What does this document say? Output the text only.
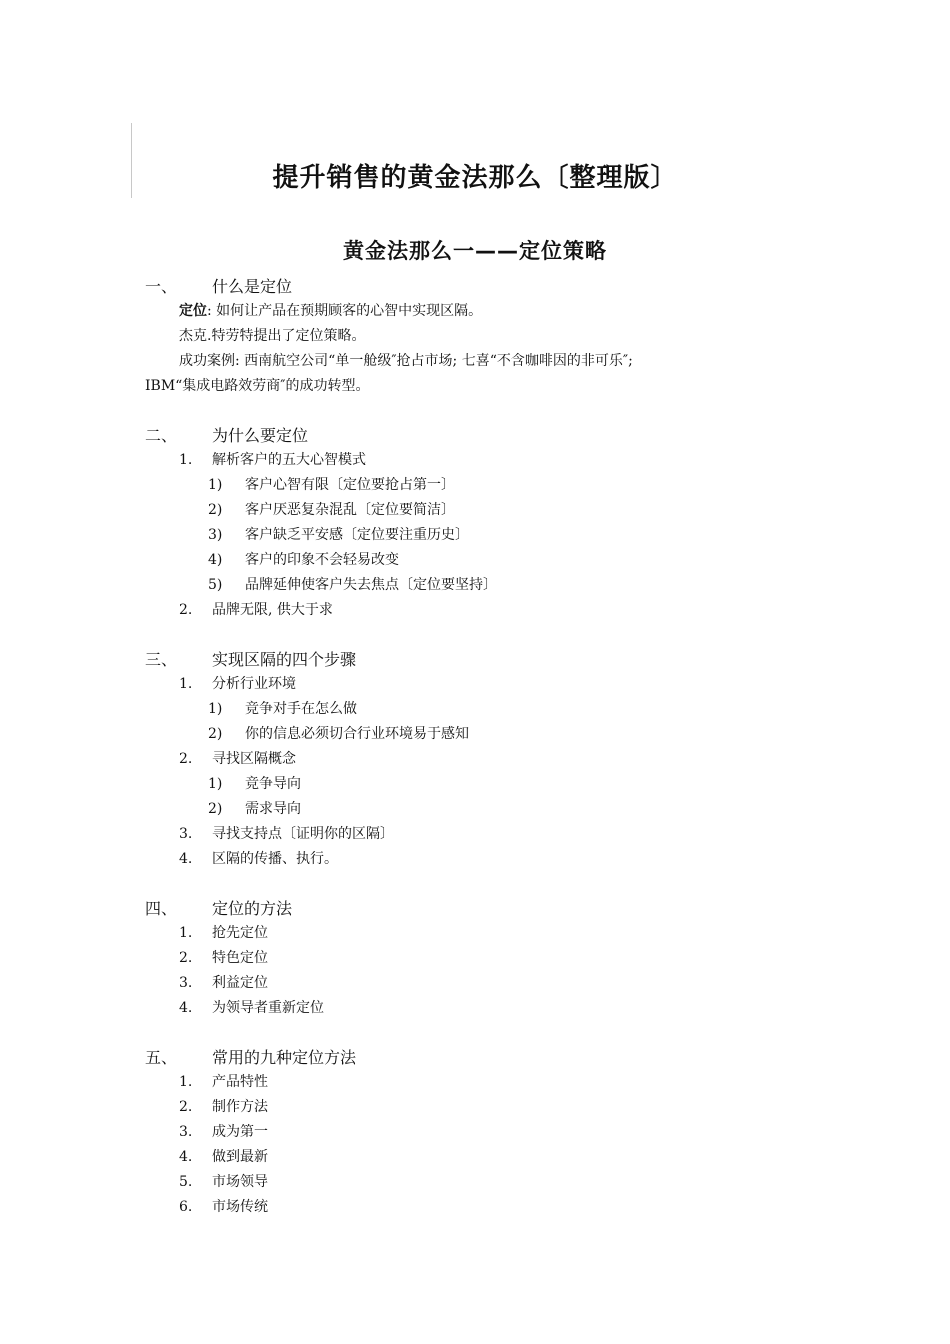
提升销售的黄金法那么〔整理版〕
黄金法那么一——定位策略
一、	什么是定位
定位: 如何让产品在预期顾客的心智中实现区隔。
杰克.特劳特提出了定位策略。
成功案例: 西南航空公司“单一舱级″抢占市场; 七喜“不含咖啡因的非可乐″;
IBM“集成电路效劳商″的成功转型。
二、	为什么要定位
1.	解析客户的五大心智模式
1)	客户心智有限〔定位要抢占第一〕
2)	客户厌恶复杂混乱〔定位要简洁〕
3)	客户缺乏平安感〔定位要注重历史〕
4)	客户的印象不会轻易改变
5)	品牌延伸使客户失去焦点〔定位要坚持〕
2.	品牌无限, 供大于求
三、	实现区隔的四个步骤
1.	分析行业环境
1)	竞争对手在怎么做
2)	你的信息必须切合行业环境易于感知
2.	寻找区隔概念
1)	竞争导向
2)	需求导向
3.	寻找支持点〔证明你的区隔〕
4.	区隔的传播、执行。
四、	定位的方法
1.	抢先定位
2.	特色定位
3.	利益定位
4.	为领导者重新定位
五、	常用的九种定位方法
1.	产品特性
2.	制作方法
3.	成为第一
4.	做到最新
5.	市场领导
6.	市场传统
